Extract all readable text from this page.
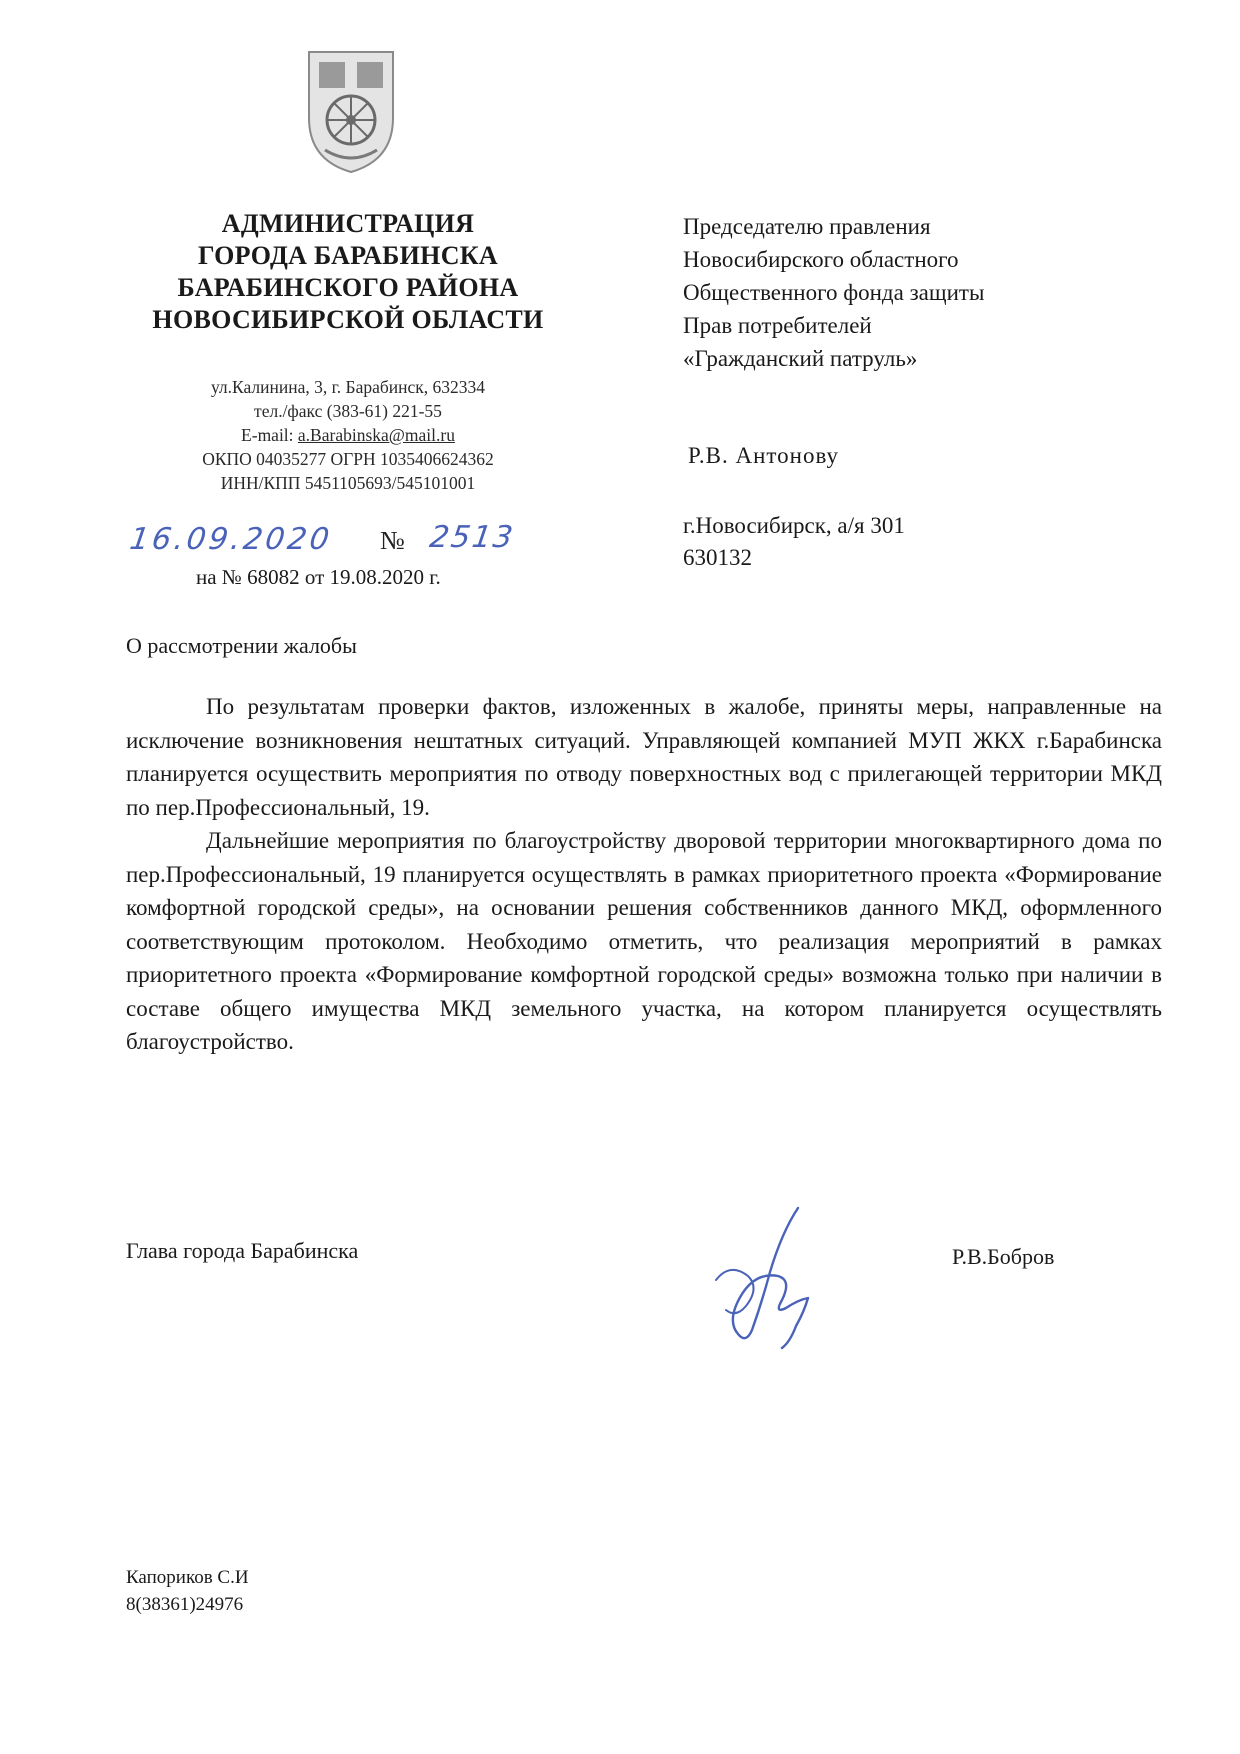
АДМИНИСТРАЦИЯ
ГОРОДА БАРАБИНСКА
БАРАБИНСКОГО РАЙОНА
НОВОСИБИРСКОЙ ОБЛАСТИ
ул.Калинина, 3, г. Барабинск, 632334
тел./факс (383-61) 221-55
E-mail: a.Barabinska@mail.ru
ОКПО 04035277 ОГРН 1035406624362
ИНН/КПП 5451105693/545101001
16.09.2020 № 2513
на № 68082 от 19.08.2020 г.
Председателю правления
Новосибирского областного
Общественного фонда защиты
Прав потребителей
«Гражданский патруль»
Р.В. Антонову
г.Новосибирск, а/я 301
630132
О рассмотрении жалобы

По результатам проверки фактов, изложенных в жалобе, приняты меры, направленные на исключение возникновения нештатных ситуаций. Управляющей компанией МУП ЖКХ г.Барабинска планируется осуществить мероприятия по отводу поверхностных вод с прилегающей территории МКД по пер.Профессиональный, 19.

Дальнейшие мероприятия по благоустройству дворовой территории многоквартирного дома по пер.Профессиональный, 19 планируется осуществлять в рамках приоритетного проекта «Формирование комфортной городской среды», на основании решения собственников данного МКД, оформленного соответствующим протоколом. Необходимо отметить, что реализация мероприятий в рамках приоритетного проекта «Формирование комфортной городской среды» возможна только при наличии в составе общего имущества МКД земельного участка, на котором планируется осуществлять благоустройство.

Глава города Барабинска	Р.В.Бобров
Капориков С.И
8(38361)24976
